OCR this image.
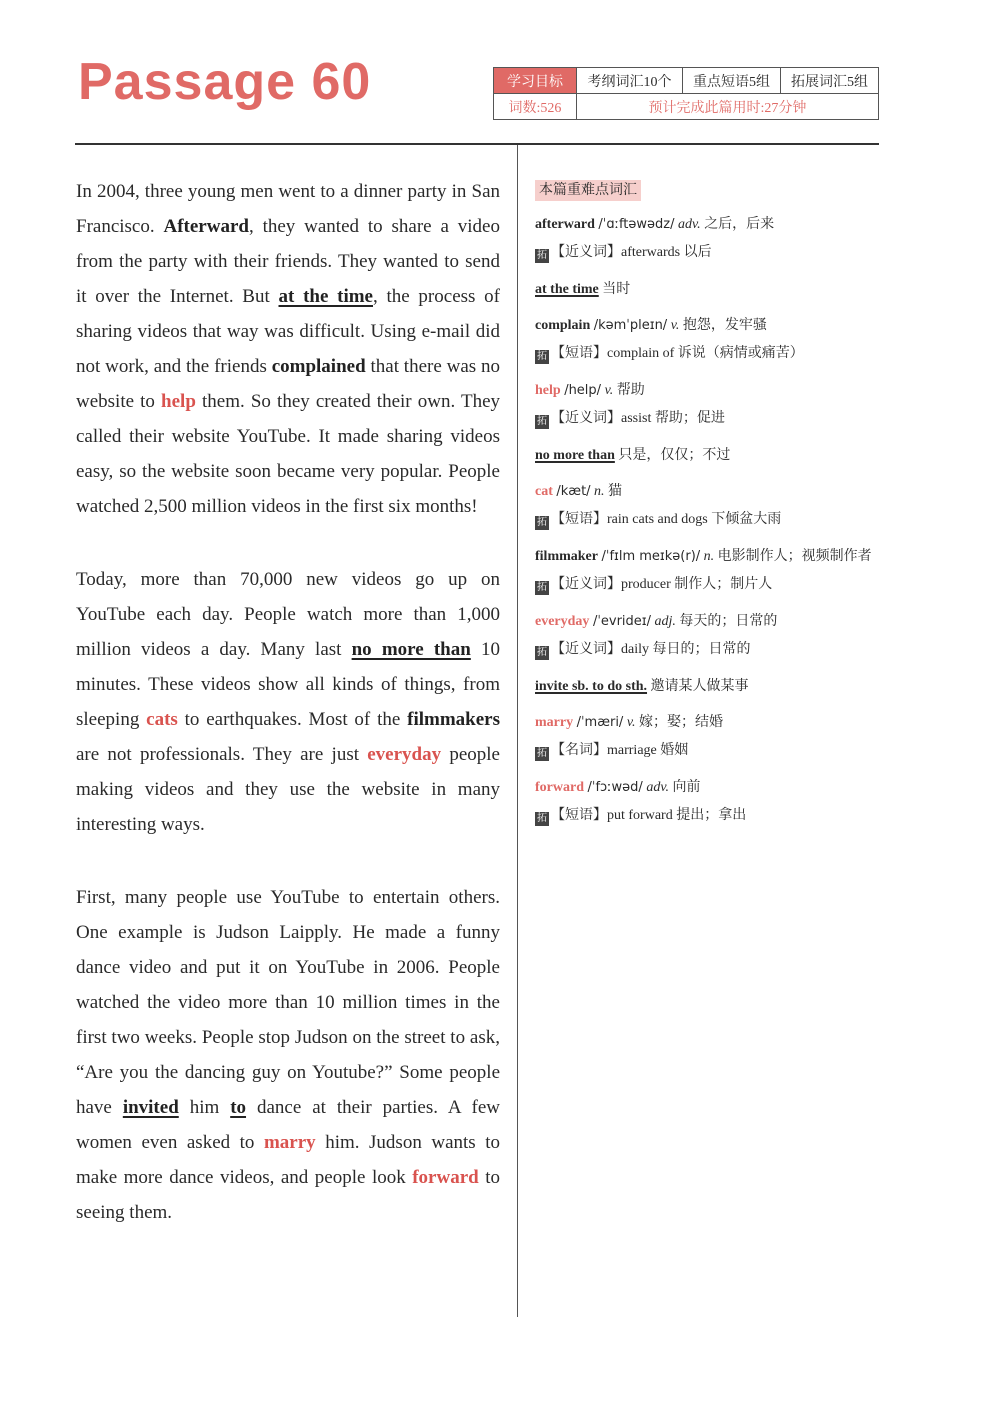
Passage 60	学习目标	考纲词汇10个	重点短语5组	拓展词汇5组
词数:526	预计完成此篇用时:27分钟		

In 2004, three young men went to a dinner party in San Francisco. Afterward, they wanted to share a video from the party with their friends. They wanted to send it over the Internet. But at the time, the process of sharing videos that way was difficult. Using e-mail did not work, and the friends complained that there was no website to help them. So they created their own. They called their website YouTube. It made sharing videos easy, so the website soon became very popular. People watched 2,500 million videos in the first six months!

Today, more than 70,000 new videos go up on YouTube each day. People watch more than 1,000 million videos a day. Many last no more than 10 minutes. These videos show all kinds of things, from sleeping cats to earthquakes. Most of the filmmakers are not professionals. They are just everyday people making videos and they use the website in many interesting ways.

First, many people use YouTube to entertain others. One example is Judson Laipply. He made a funny dance video and put it on YouTube in 2006. People watched the video more than 10 million times in the first two weeks. People stop Judson on the street to ask, “Are you the dancing guy on Youtube?” Some people have invited him to dance at their parties. A few women even asked to marry him. Judson wants to make more dance videos, and people look forward to seeing them.

本篇重难点词汇
afterward /ˈɑːftəwədz/ adv. 之后，后来
拓 【近义词】afterwards 以后
at the time 当时
complain /kəmˈpleɪn/ v. 抱怨，发牢骚
拓 【短语】complain of 诉说（病情或痛苦）
help /help/ v. 帮助
拓 【近义词】assist 帮助；促进
no more than 只是，仅仅；不过
cat /kæt/ n. 猫
拓 【短语】rain cats and dogs 下倾盆大雨
filmmaker /ˈfɪlm meɪkə(r)/ n. 电影制作人；视频制作者
拓 【近义词】producer 制作人；制片人
everyday /ˈevrideɪ/ adj. 每天的；日常的
拓 【近义词】daily 每日的；日常的
invite sb. to do sth. 邀请某人做某事
marry /ˈmæri/ v. 嫁；娶；结婚
拓 【名词】marriage 婚姻
forward /ˈfɔːwəd/ adv. 向前
拓 【短语】put forward 提出；拿出
